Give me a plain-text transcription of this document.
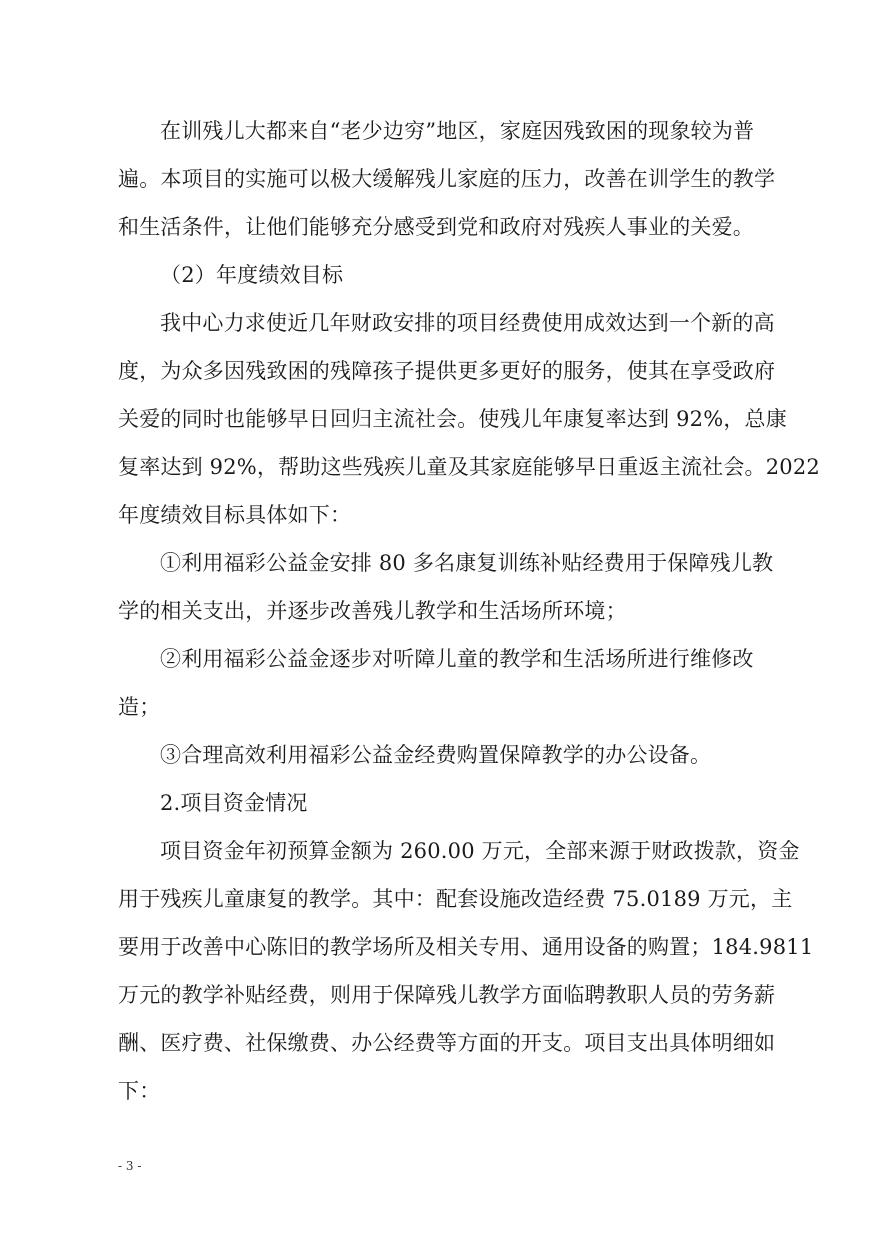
在训残儿大都来自“老少边穷”地区，家庭因残致困的现象较为普
遍。本项目的实施可以极大缓解残儿家庭的压力，改善在训学生的教学
和生活条件，让他们能够充分感受到党和政府对残疾人事业的关爱。
（2）年度绩效目标
我中心力求使近几年财政安排的项目经费使用成效达到一个新的高
度，为众多因残致困的残障孩子提供更多更好的服务，使其在享受政府
关爱的同时也能够早日回归主流社会。使残儿年康复率达到 92%，总康
复率达到 92%，帮助这些残疾儿童及其家庭能够早日重返主流社会。2022
年度绩效目标具体如下：
①利用福彩公益金安排 80 多名康复训练补贴经费用于保障残儿教
学的相关支出，并逐步改善残儿教学和生活场所环境；
②利用福彩公益金逐步对听障儿童的教学和生活场所进行维修改
造；
③合理高效利用福彩公益金经费购置保障教学的办公设备。
2.项目资金情况
项目资金年初预算金额为 260.00 万元，全部来源于财政拨款，资金
用于残疾儿童康复的教学。其中：配套设施改造经费 75.0189 万元，主
要用于改善中心陈旧的教学场所及相关专用、通用设备的购置；184.9811
万元的教学补贴经费，则用于保障残儿教学方面临聘教职人员的劳务薪
酬、医疗费、社保缴费、办公经费等方面的开支。项目支出具体明细如
下：
- 3 -
